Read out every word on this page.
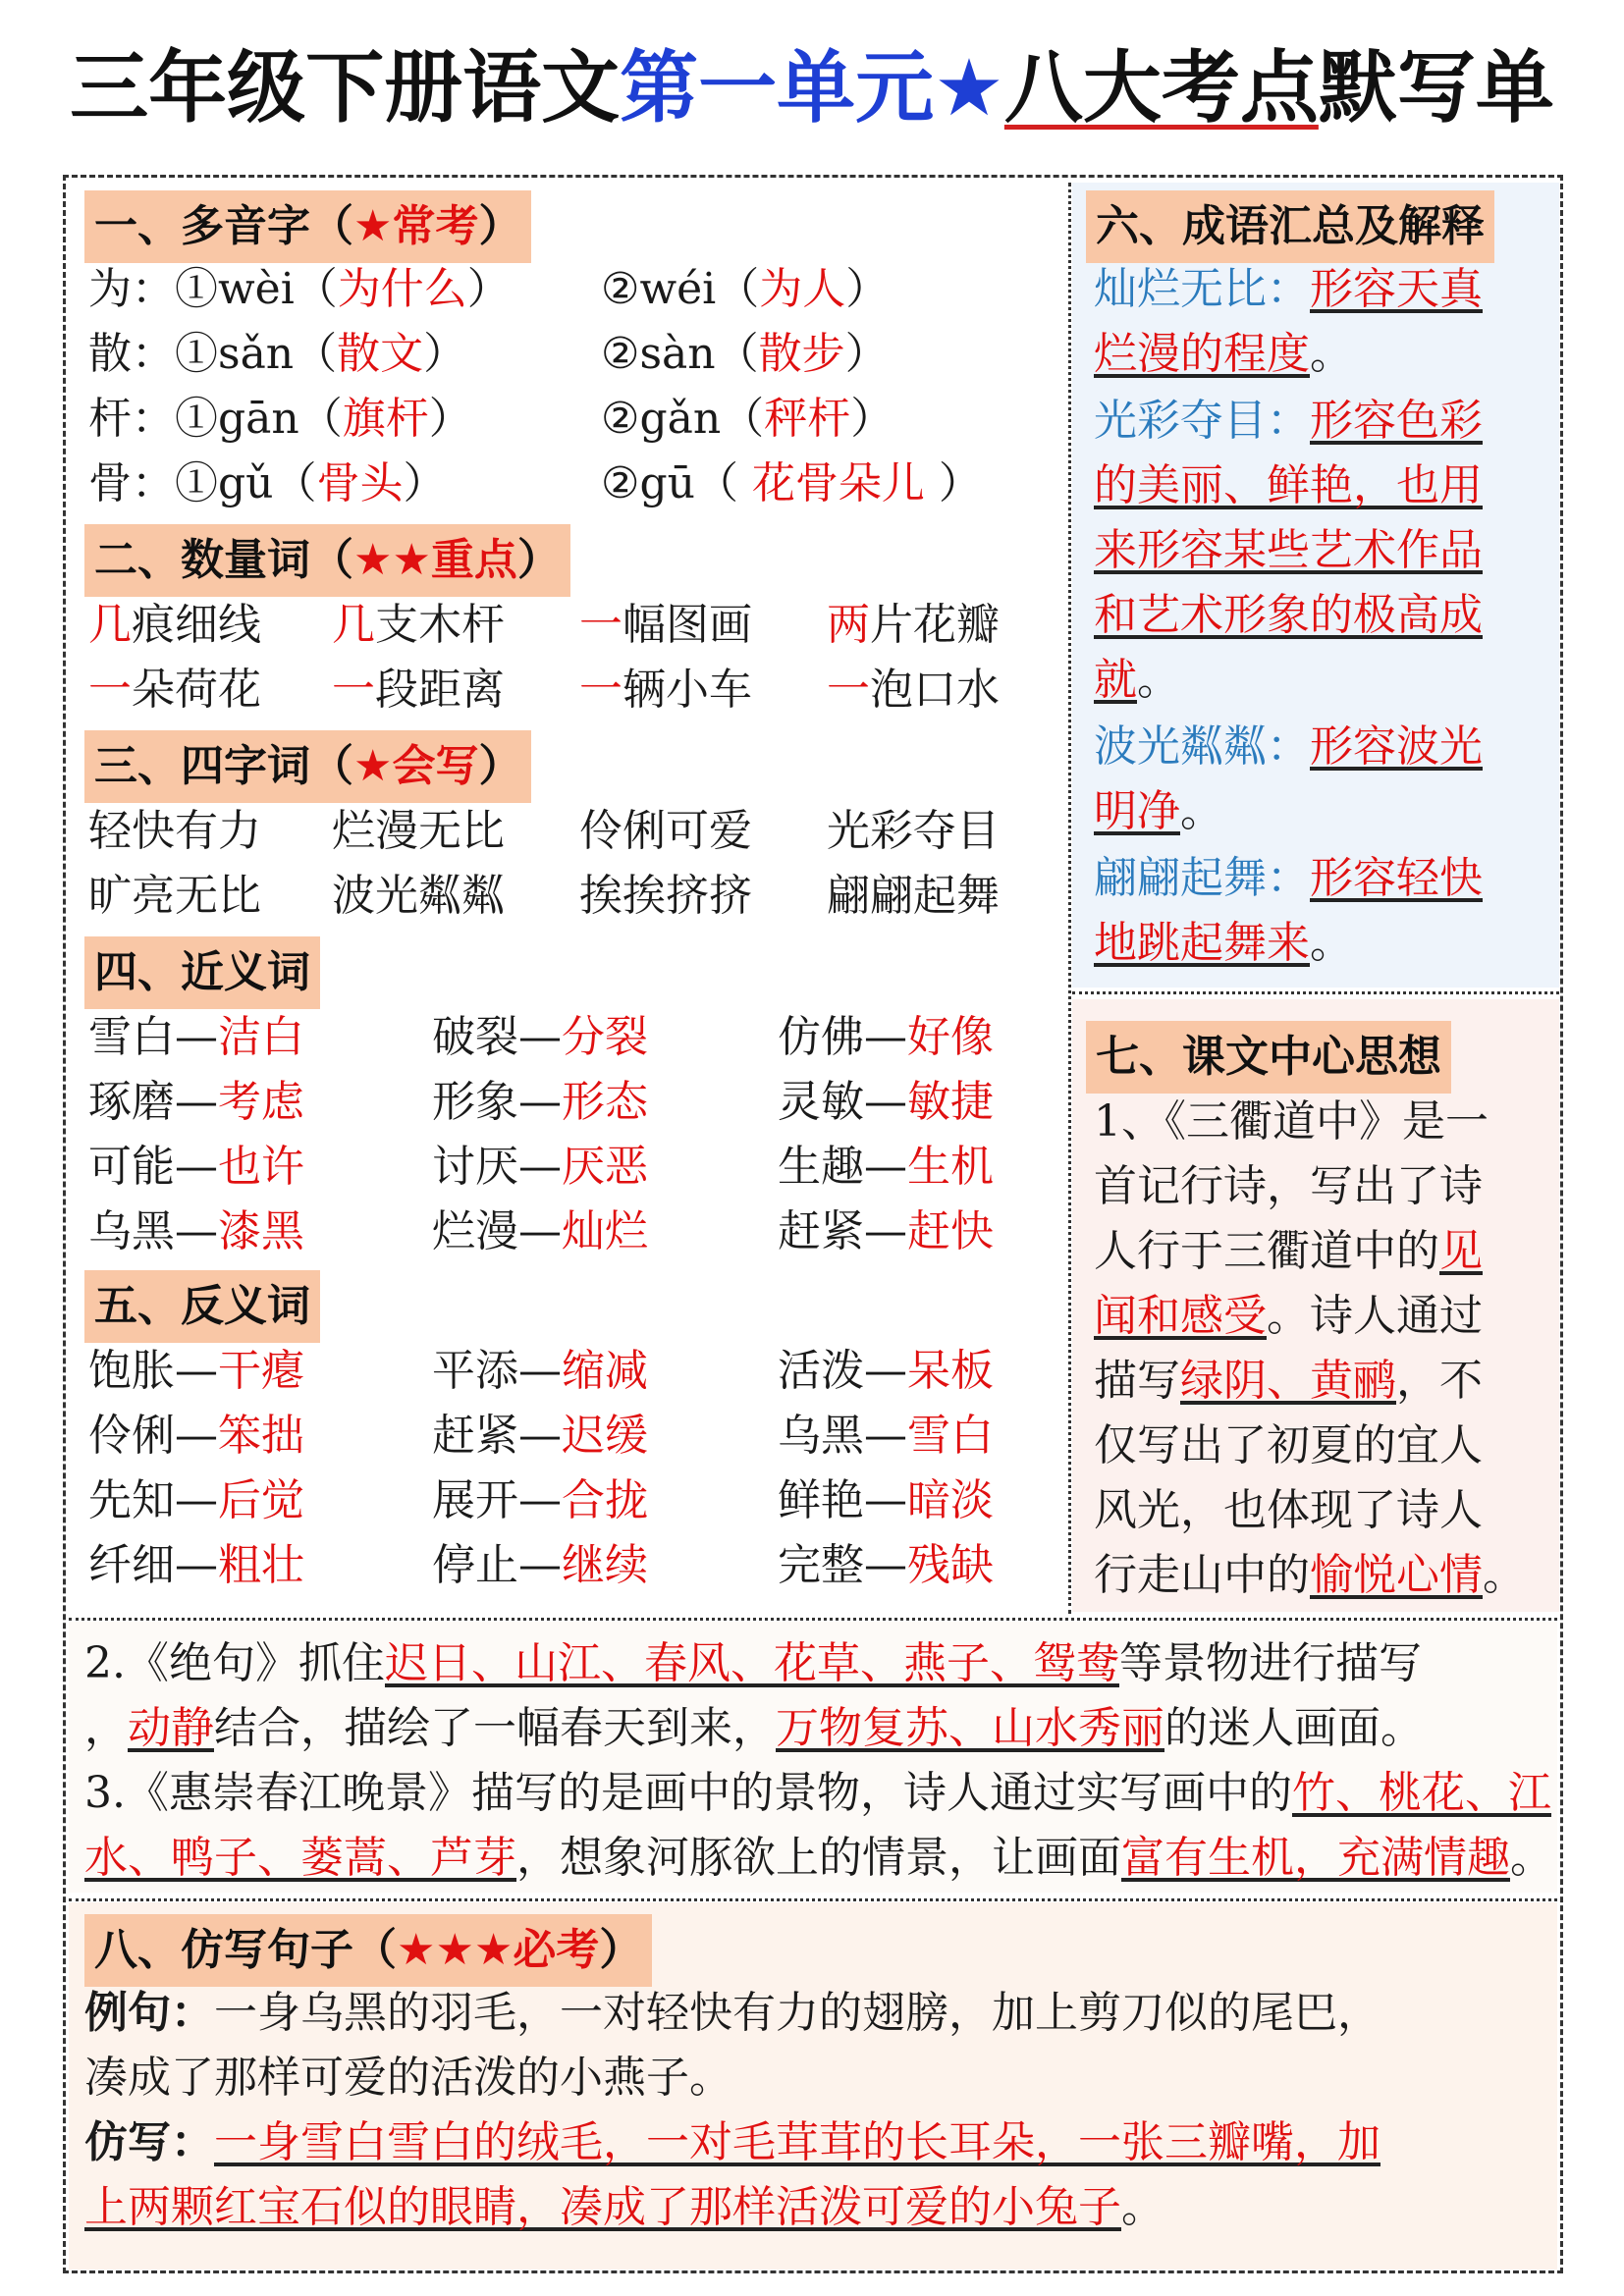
三年级下册语文第一单元★八大考点默写单
一、多音字（★常考）
为：①wèi（为什么） ②wéi（为人）
散：①sǎn（散文）	②sàn（散步）
杆：①gān（旗杆）	②gǎn（秤杆）
骨：①gǔ（骨头）	②gū（ 花骨朵儿 ）
二、数量词（★★重点）
几痕细线 几支木杆 一幅图画 两片花瓣
一朵荷花 一段距离 一辆小车 一泡口水
三、四字词（★会写）
轻快有力 烂漫无比 伶俐可爱 光彩夺目
旷亮无比 波光粼粼 挨挨挤挤 翩翩起舞
四、近义词
雪白—洁白	破裂—分裂	仿佛—好像
琢磨—考虑	形象—形态	灵敏—敏捷
可能—也许	讨厌—厌恶	生趣—生机
乌黑—漆黑	烂漫—灿烂	赶紧—赶快
五、反义词
饱胀—干瘪	平添—缩减	活泼—呆板
伶俐—笨拙	赶紧—迟缓	乌黑—雪白
先知—后觉	展开—合拢	鲜艳—暗淡
纤细—粗壮	停止—继续	完整—残缺
六、成语汇总及解释
灿烂无比：形容天真
烂漫的程度。
光彩夺目：形容色彩
的美丽、鲜艳，也用
来形容某些艺术作品
和艺术形象的极高成
就。
波光粼粼：形容波光
明净。
翩翩起舞：形容轻快
地跳起舞来。
七、课文中心思想
1、《三衢道中》是一
首记行诗，写出了诗
人行于三衢道中的见
闻和感受。诗人通过
描写绿阴、黄鹂，不
仅写出了初夏的宜人
风光，也体现了诗人
行走山中的愉悦心情。
2.《绝句》抓住迟日、山江、春风、花草、燕子、鸳鸯等景物进行描写
，动静结合，描绘了一幅春天到来，万物复苏、山水秀丽的迷人画面。
3.《惠崇春江晚景》描写的是画中的景物，诗人通过实写画中的竹、桃花、江
水、鸭子、蒌蒿、芦芽，想象河豚欲上的情景，让画面富有生机，充满情趣。
八、仿写句子（★★★必考）
例句：一身乌黑的羽毛，一对轻快有力的翅膀，加上剪刀似的尾巴，
凑成了那样可爱的活泼的小燕子。
仿写：一身雪白雪白的绒毛，一对毛茸茸的长耳朵，一张三瓣嘴，加
上两颗红宝石似的眼睛，凑成了那样活泼可爱的小兔子。
